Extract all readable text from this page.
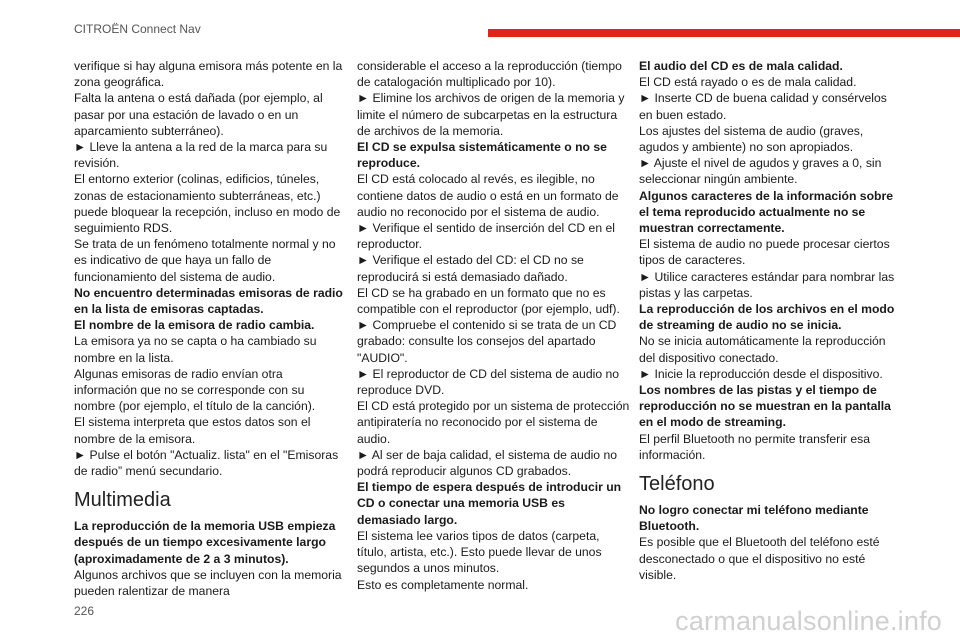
CITROËN Connect Nav

verifique si hay alguna emisora más potente en la zona geográfica.

Falta la antena o está dañada (por ejemplo, al pasar por una estación de lavado o en un aparcamiento subterráneo).

► Lleve la antena a la red de la marca para su revisión.

El entorno exterior (colinas, edificios, túneles, zonas de estacionamiento subterráneas, etc.) puede bloquear la recepción, incluso en modo de seguimiento RDS.

Se trata de un fenómeno totalmente normal y no es indicativo de que haya un fallo de funcionamiento del sistema de audio.

No encuentro determinadas emisoras de radio en la lista de emisoras captadas.

El nombre de la emisora de radio cambia.

La emisora ya no se capta o ha cambiado su nombre en la lista.

Algunas emisoras de radio envían otra información que no se corresponde con su nombre (por ejemplo, el título de la canción).

El sistema interpreta que estos datos son el nombre de la emisora.

► Pulse el botón "Actualiz. lista" en el "Emisoras de radio” menú secundario.

Multimedia

La reproducción de la memoria USB empieza después de un tiempo excesivamente largo (aproximadamente de 2 a 3 minutos).

Algunos archivos que se incluyen con la memoria pueden ralentizar de manera

considerable el acceso a la reproducción (tiempo de catalogación multiplicado por 10).

► Elimine los archivos de origen de la memoria y limite el número de subcarpetas en la estructura de archivos de la memoria.

El CD se expulsa sistemáticamente o no se reproduce.

El CD está colocado al revés, es ilegible, no contiene datos de audio o está en un formato de audio no reconocido por el sistema de audio.

► Verifique el sentido de inserción del CD en el reproductor.

► Verifique el estado del CD: el CD no se reproducirá si está demasiado dañado.

El CD se ha grabado en un formato que no es compatible con el reproductor (por ejemplo, udf).

► Compruebe el contenido si se trata de un CD grabado: consulte los consejos del apartado "AUDIO".

► El reproductor de CD del sistema de audio no reproduce DVD.

El CD está protegido por un sistema de protección antipiratería no reconocido por el sistema de audio.

► Al ser de baja calidad, el sistema de audio no podrá reproducir algunos CD grabados.

El tiempo de espera después de introducir un CD o conectar una memoria USB es demasiado largo.

El sistema lee varios tipos de datos (carpeta, título, artista, etc.). Esto puede llevar de unos segundos a unos minutos.

Esto es completamente normal.

El audio del CD es de mala calidad.

El CD está rayado o es de mala calidad.

► Inserte CD de buena calidad y consérvelos en buen estado.

Los ajustes del sistema de audio (graves, agudos y ambiente) no son apropiados.

► Ajuste el nivel de agudos y graves a 0, sin seleccionar ningún ambiente.

Algunos caracteres de la información sobre el tema reproducido actualmente no se muestran correctamente.

El sistema de audio no puede procesar ciertos tipos de caracteres.

► Utilice caracteres estándar para nombrar las pistas y las carpetas.

La reproducción de los archivos en el modo de streaming de audio no se inicia.

No se inicia automáticamente la reproducción del dispositivo conectado.

► Inicie la reproducción desde el dispositivo.

Los nombres de las pistas y el tiempo de reproducción no se muestran en la pantalla en el modo de streaming.

El perfil Bluetooth no permite transferir esa información.

Teléfono

No logro conectar mi teléfono mediante Bluetooth.

Es posible que el Bluetooth del teléfono esté desconectado o que el dispositivo no esté visible.

226	carmanualsonline.info
